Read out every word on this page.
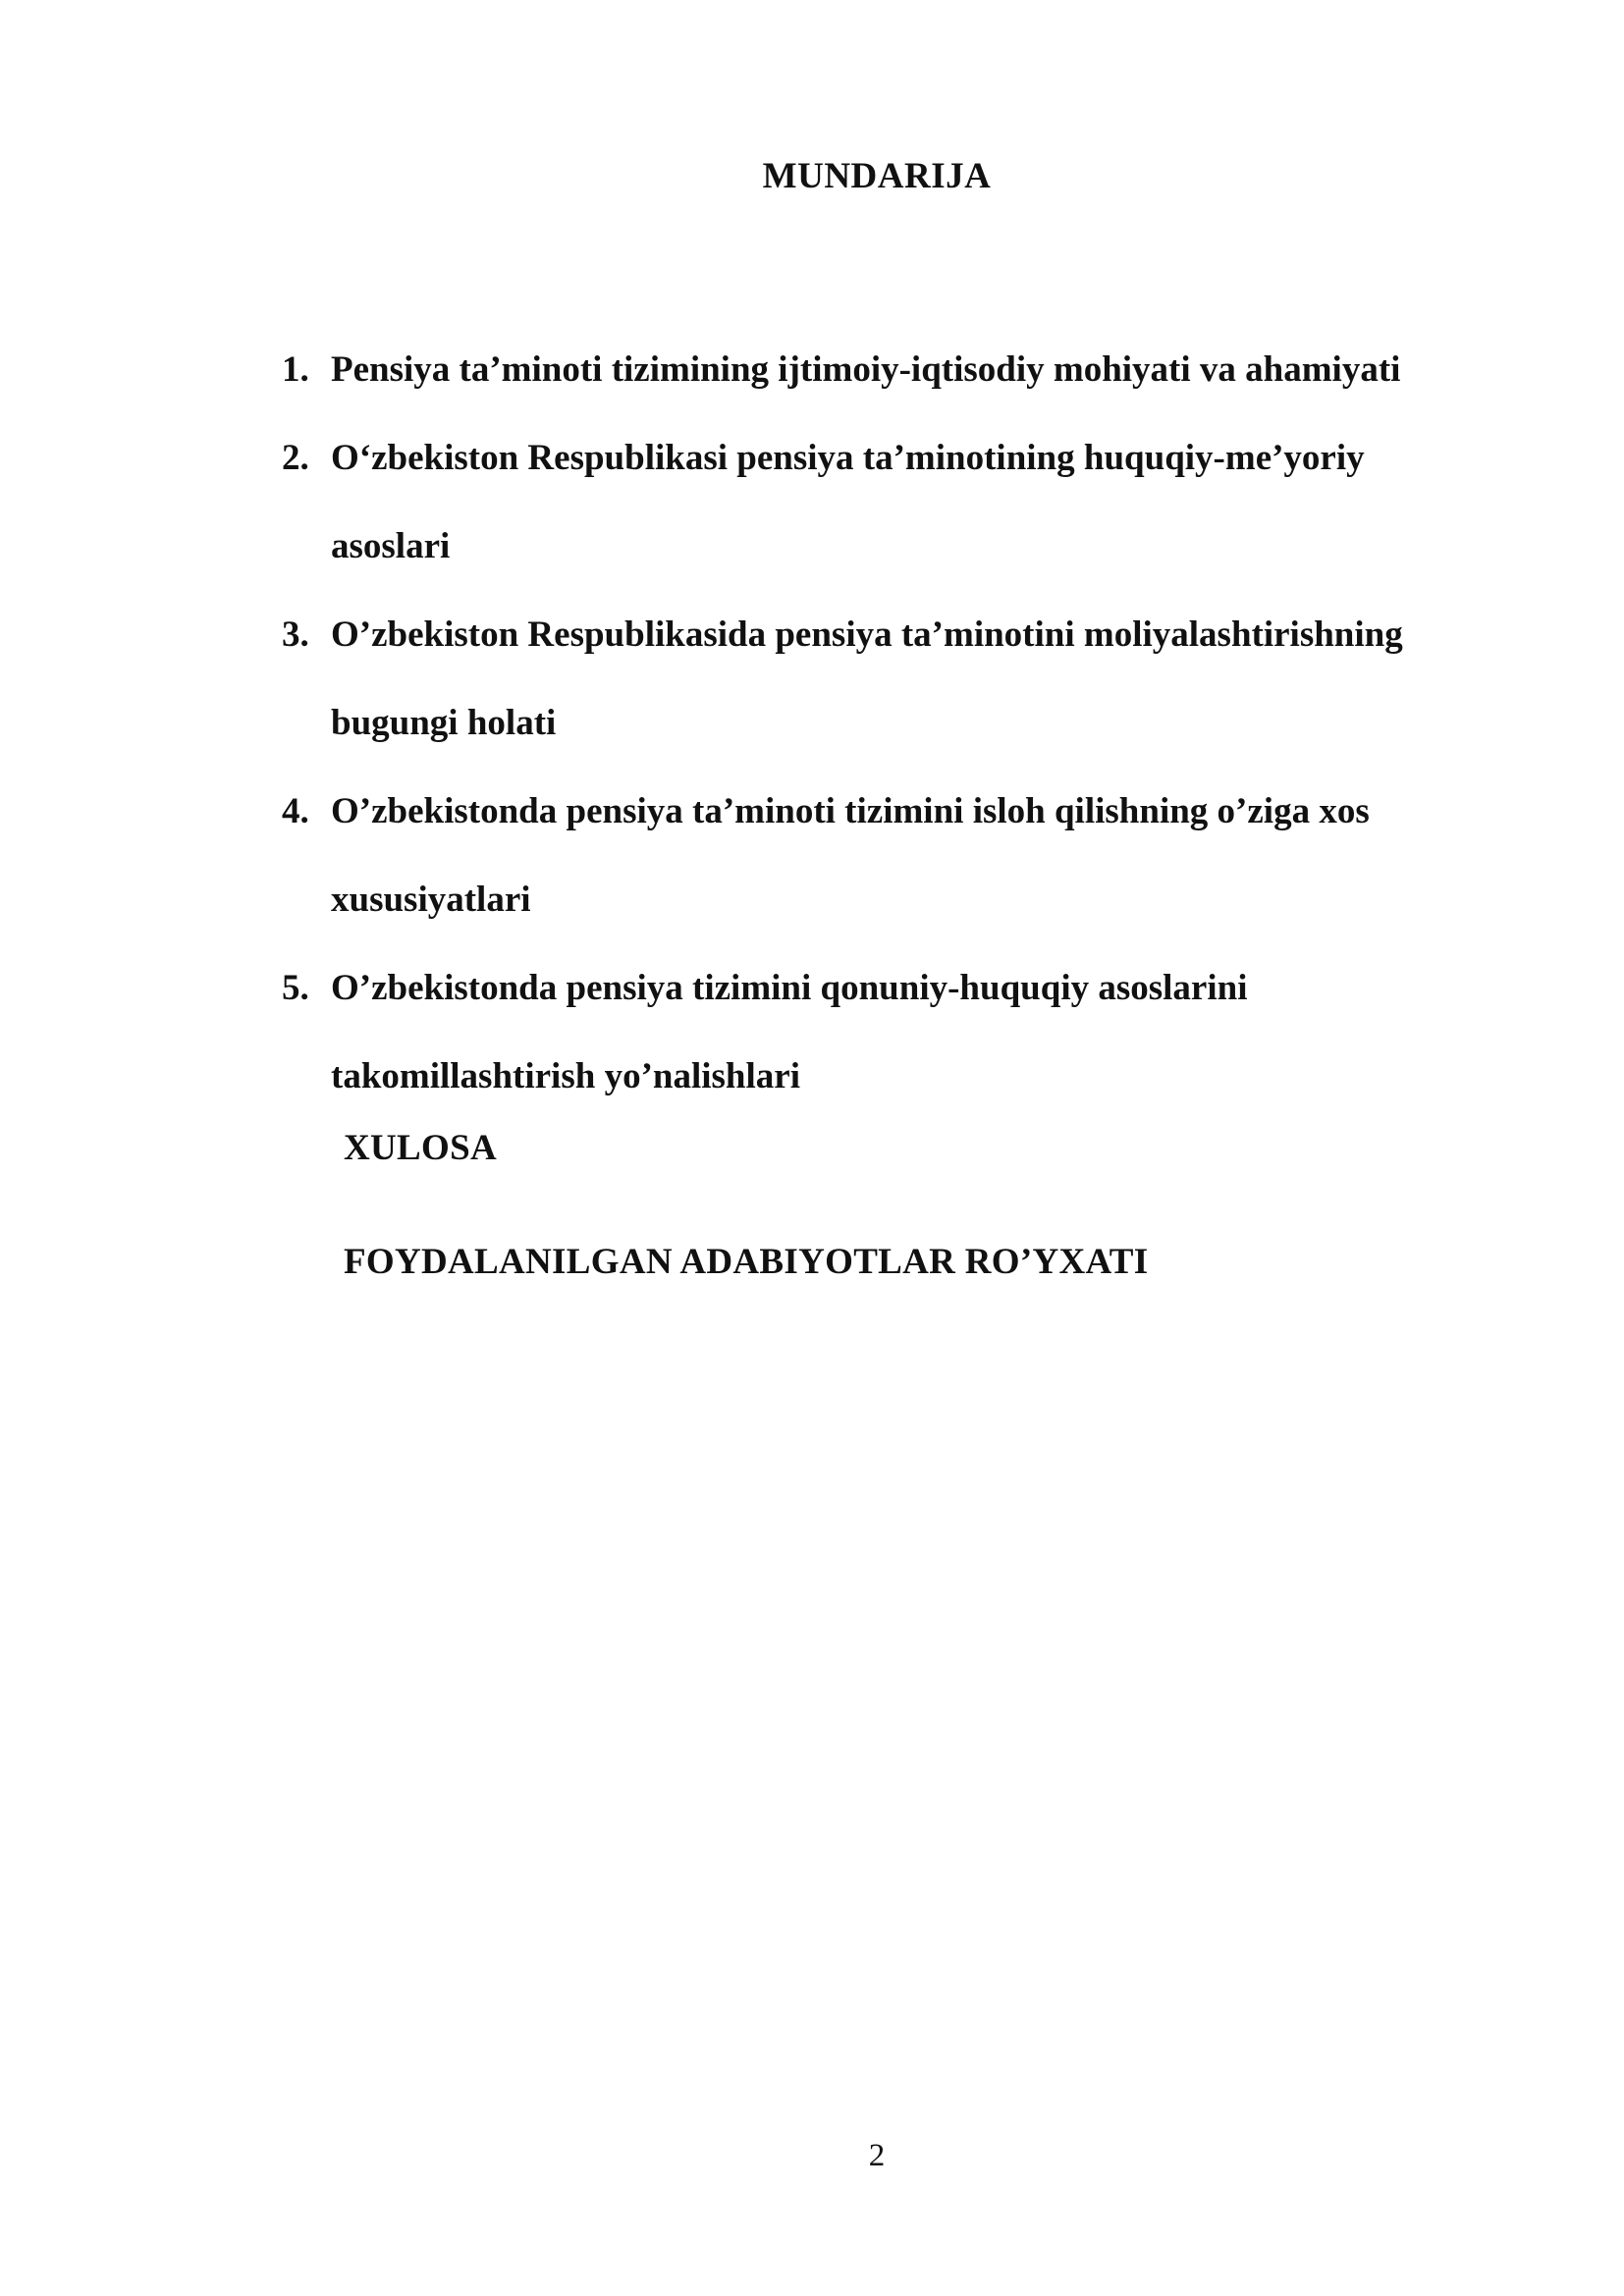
MUNDARIJA
1. Pensiya ta’minoti tizimining ijtimoiy-iqtisodiy mohiyati va ahamiyati
2. O‘zbekiston Respublikasi pensiya ta’minotining huquqiy-me’yoriy asoslari
3. O’zbekiston Respublikasida pensiya ta’minotini moliyalashtirishning bugungi holati
4. O’zbekistonda pensiya ta’minoti tizimini isloh qilishning o’ziga xos xususiyatlari
5. O’zbekistonda pensiya tizimini qonuniy-huquqiy asoslarini takomillashtirish yo’nalishlari
XULOSA
FOYDALANILGAN ADABIYOTLAR RO’YXATI
2
